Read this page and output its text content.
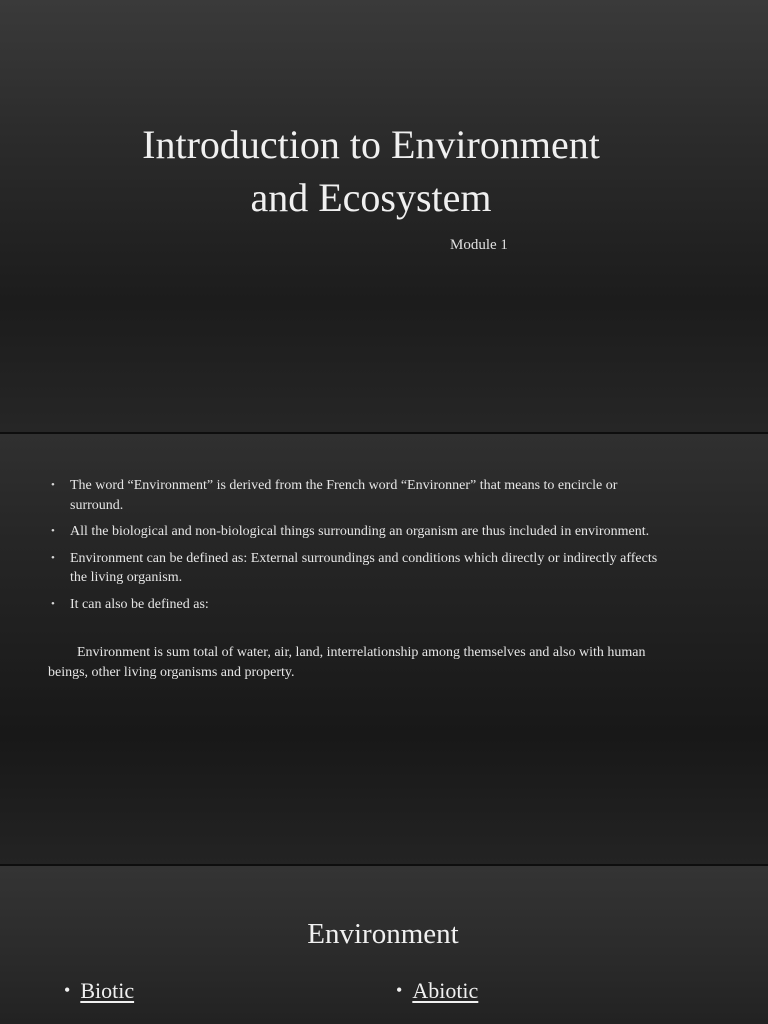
Introduction to Environment
and Ecosystem
Module 1
• The word “Environment” is derived from the French word “Environner” that means to encircle or surround.
• All the biological and non-biological things surrounding an organism are thus included in environment.
• Environment can be defined as: External surroundings and conditions which directly or indirectly affects the living organism.
• It can also be defined as:
Environment is sum total of water, air, land, interrelationship among themselves and also with human beings, other living organisms and property.
Environment
• Biotic	• Abiotic
